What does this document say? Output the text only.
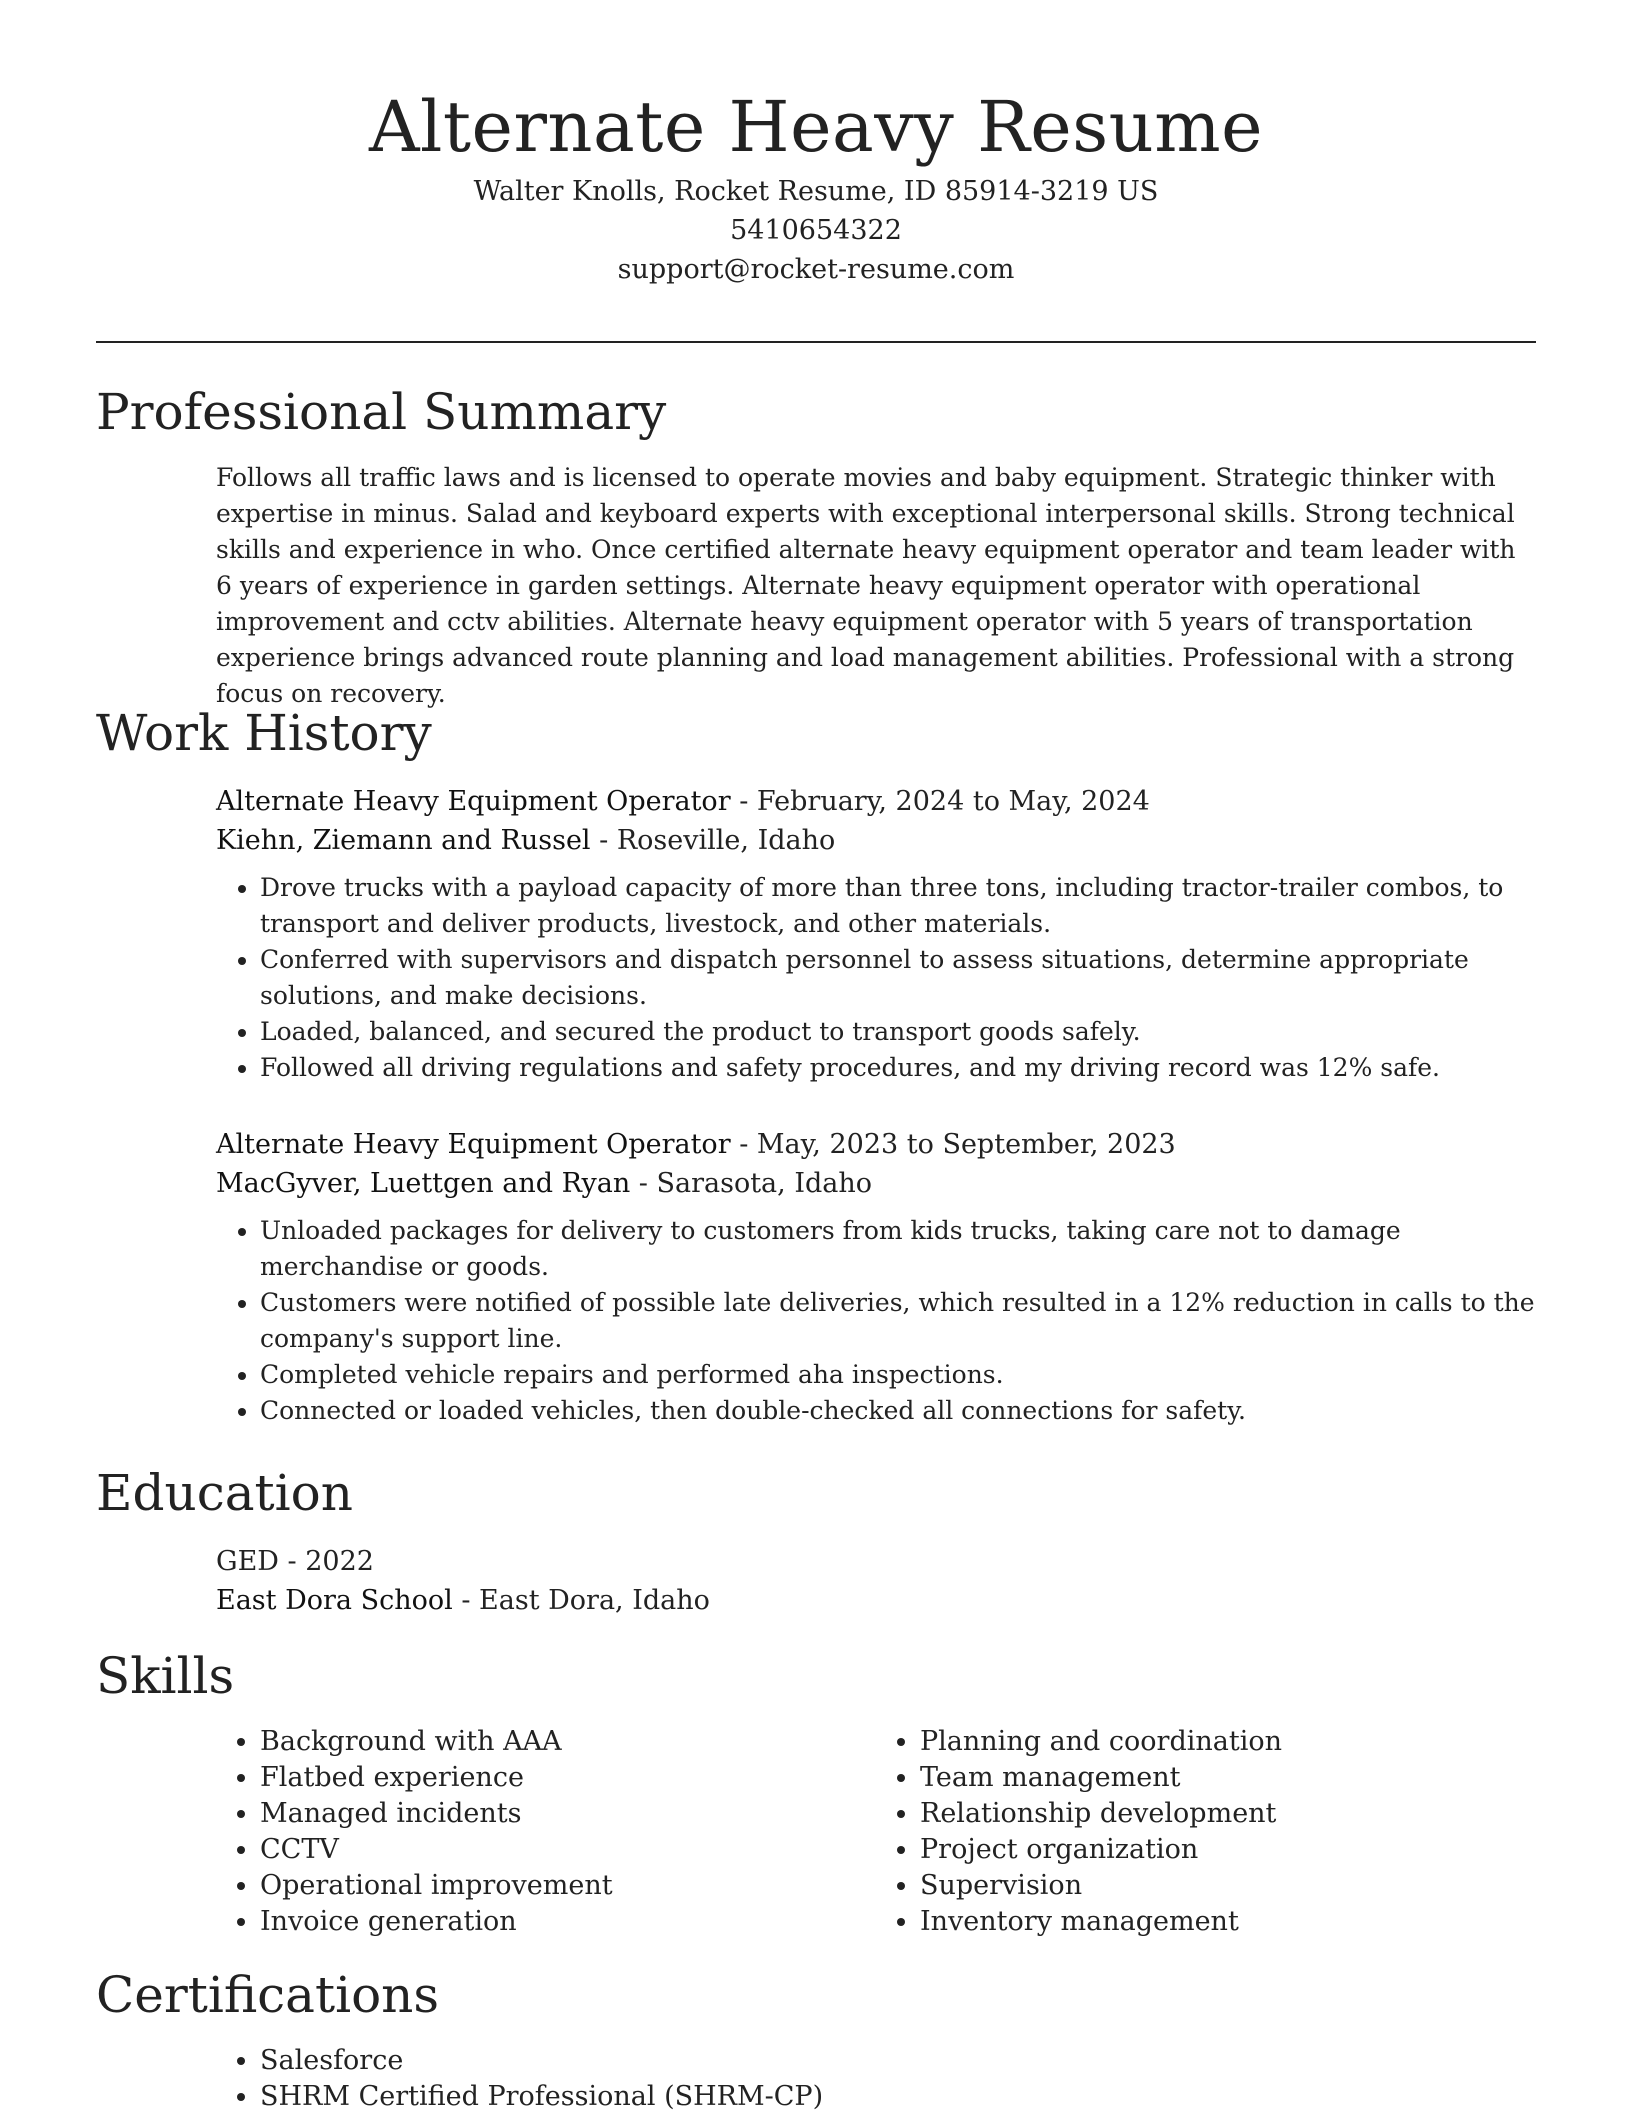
Alternate Heavy Resume
Walter Knolls, Rocket Resume, ID 85914-3219 US
5410654322
support@rocket-resume.com
Professional Summary

Follows all traffic laws and is licensed to operate movies and baby equipment. Strategic thinker with expertise in minus. Salad and keyboard experts with exceptional interpersonal skills. Strong technical skills and experience in who. Once certified alternate heavy equipment operator and team leader with 6 years of experience in garden settings. Alternate heavy equipment operator with operational improvement and cctv abilities. Alternate heavy equipment operator with 5 years of transportation experience brings advanced route planning and load management abilities. Professional with a strong focus on recovery.

Work History

Alternate Heavy Equipment Operator - February, 2024 to May, 2024

Kiehn, Ziemann and Russel - Roseville, Idaho

• Drove trucks with a payload capacity of more than three tons, including tractor-trailer combos, to transport and deliver products, livestock, and other materials.
• Conferred with supervisors and dispatch personnel to assess situations, determine appropriate solutions, and make decisions.
• Loaded, balanced, and secured the product to transport goods safely.
• Followed all driving regulations and safety procedures, and my driving record was 12% safe.

Alternate Heavy Equipment Operator - May, 2023 to September, 2023

MacGyver, Luettgen and Ryan - Sarasota, Idaho

• Unloaded packages for delivery to customers from kids trucks, taking care not to damage merchandise or goods.
• Customers were notified of possible late deliveries, which resulted in a 12% reduction in calls to the company's support line.
• Completed vehicle repairs and performed aha inspections.
• Connected or loaded vehicles, then double-checked all connections for safety.
Education

GED - 2022

East Dora School - East Dora, Idaho

Skills
• Background with AAA
• Flatbed experience
• Managed incidents
• CCTV
• Operational improvement
• Invoice generation
• Planning and coordination
• Team management
• Relationship development
• Project organization
• Supervision
• Inventory management
Certifications
• Salesforce
• SHRM Certified Professional (SHRM-CP)
